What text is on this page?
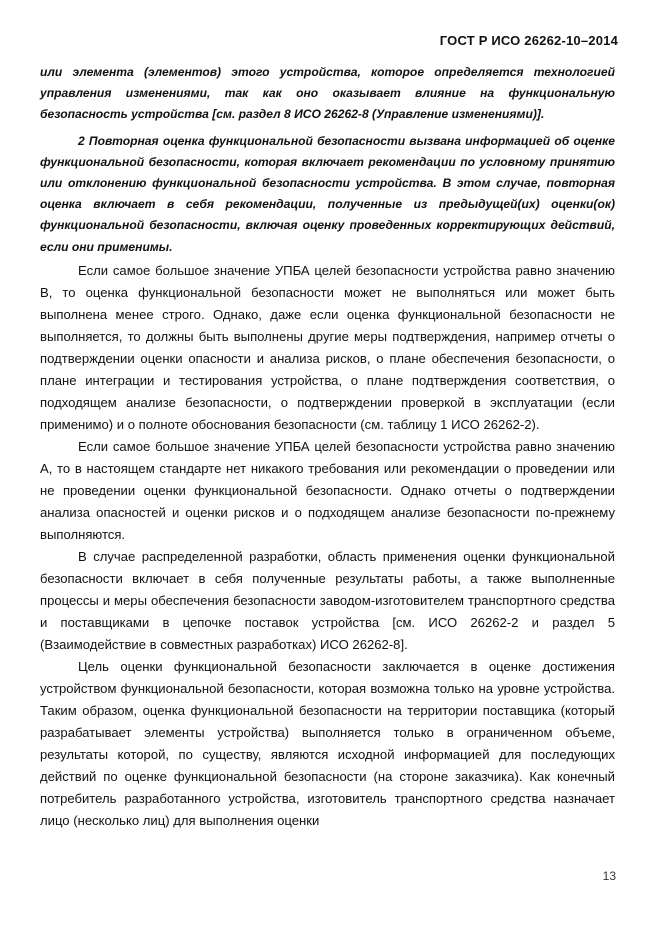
ГОСТ Р ИСО 26262-10–2014

или элемента (элементов) этого устройства, которое определяется технологией управления изменениями, так как оно оказывает влияние на функциональную безопасность устройства [см. раздел 8 ИСО 26262-8 (Управление изменениями)].

2 Повторная оценка функциональной безопасности вызвана информацией об оценке функциональной безопасности, которая включает рекомендации по условному принятию или отклонению функциональной безопасности устройства. В этом случае, повторная оценка включает в себя рекомендации, полученные из предыдущей(их) оценки(ок) функциональной безопасности, включая оценку проведенных корректирующих действий, если они применимы.

Если самое большое значение УПБА целей безопасности устройства равно значению В, то оценка функциональной безопасности может не выполняться или может быть выполнена менее строго. Однако, даже если оценка функциональной безопасности не выполняется, то должны быть выполнены другие меры подтверждения, например отчеты о подтверждении оценки опасности и анализа рисков, о плане обеспечения безопасности, о плане интеграции и тестирования устройства, о плане подтверждения соответствия, о подходящем анализе безопасности, о подтверждении проверкой в эксплуатации (если применимо) и о полноте обоснования безопасности (см. таблицу 1 ИСО 26262-2).

Если самое большое значение УПБА целей безопасности устройства равно значению А, то в настоящем стандарте нет никакого требования или рекомендации о проведении или не проведении оценки функциональной безопасности. Однако отчеты о подтверждении анализа опасностей и оценки рисков и о подходящем анализе безопасности по-прежнему выполняются.

В случае распределенной разработки, область применения оценки функциональной безопасности включает в себя полученные результаты работы, а также выполненные процессы и меры обеспечения безопасности заводом-изготовителем транспортного средства и поставщиками в цепочке поставок устройства [см. ИСО 26262-2 и раздел 5 (Взаимодействие в совместных разработках) ИСО 26262-8].

Цель оценки функциональной безопасности заключается в оценке достижения устройством функциональной безопасности, которая возможна только на уровне устройства. Таким образом, оценка функциональной безопасности на территории поставщика (который разрабатывает элементы устройства) выполняется только в ограниченном объеме, результаты которой, по существу, являются исходной информацией для последующих действий по оценке функциональной безопасности (на стороне заказчика). Как конечный потребитель разработанного устройства, изготовитель транспортного средства назначает лицо (несколько лиц) для выполнения оценки

13
